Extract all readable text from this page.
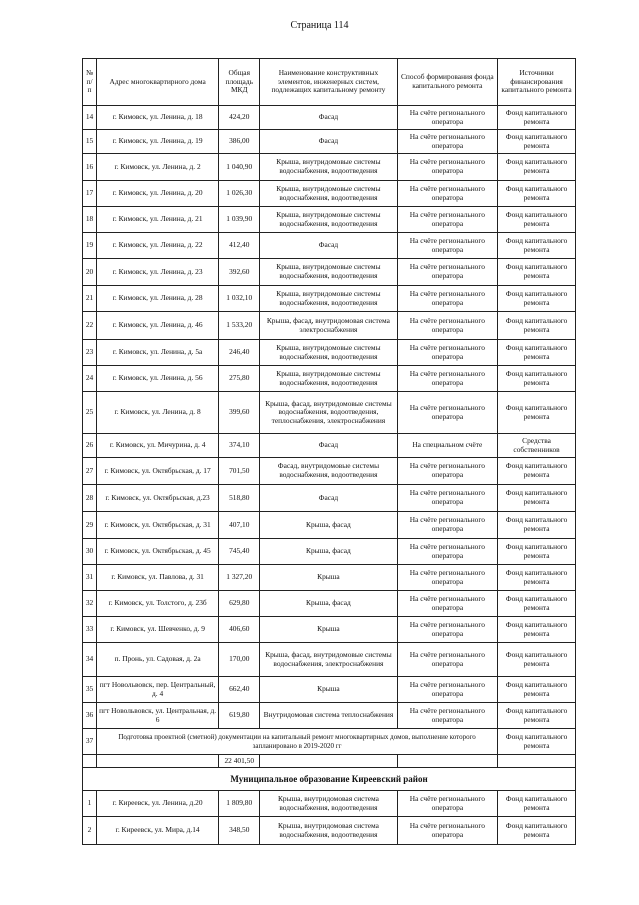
Страница 114
№ п/п	Адрес многоквартирного дома	Общая площадь МКД	Наименование конструктивных элементов, инженерных систем, подлежащих капитальному ремонту	Способ формирования фонда капитального ремонта	Источники финансирования капитального ремонта
14	г. Кимовск, ул. Ленина, д. 18	424,20	Фасад	На счёте регионального оператора	Фонд капитального ремонта
15	г. Кимовск, ул. Ленина, д. 19	386,00	Фасад	На счёте регионального оператора	Фонд капитального ремонта
16	г. Кимовск, ул. Ленина, д. 2	1 040,90	Крыша, внутридомовые системы водоснабжения, водоотведения	На счёте регионального оператора	Фонд капитального ремонта
17	г. Кимовск, ул. Ленина, д. 20	1 026,30	Крыша, внутридомовые системы водоснабжения, водоотведения	На счёте регионального оператора	Фонд капитального ремонта
18	г. Кимовск, ул. Ленина, д. 21	1 039,90	Крыша, внутридомовые системы водоснабжения, водоотведения	На счёте регионального оператора	Фонд капитального ремонта
19	г. Кимовск, ул. Ленина, д. 22	412,40	Фасад	На счёте регионального оператора	Фонд капитального ремонта
20	г. Кимовск, ул. Ленина, д. 23	392,60	Крыша, внутридомовые системы водоснабжения, водоотведения	На счёте регионального оператора	Фонд капитального ремонта
21	г. Кимовск, ул. Ленина, д. 28	1 032,10	Крыша, внутридомовые системы водоснабжения, водоотведения	На счёте регионального оператора	Фонд капитального ремонта
22	г. Кимовск, ул. Ленина, д. 46	1 533,20	Крыша, фасад, внутридомовая система электроснабжения	На счёте регионального оператора	Фонд капитального ремонта
23	г. Кимовск, ул. Ленина, д. 5а	246,40	Крыша, внутридомовые системы водоснабжения, водоотведения	На счёте регионального оператора	Фонд капитального ремонта
24	г. Кимовск, ул. Ленина, д. 56	275,80	Крыша, внутридомовые системы водоснабжения, водоотведения	На счёте регионального оператора	Фонд капитального ремонта
25	г. Кимовск, ул. Ленина, д. 8	399,60	Крыша, фасад, внутридомовые системы водоснабжения, водоотведения, теплоснабжения, электроснабжения	На счёте регионального оператора	Фонд капитального ремонта
26	г. Кимовск, ул. Мичурина, д. 4	374,10	Фасад	На специальном счёте	Средства собственников
27	г. Кимовск, ул. Октябрьская, д. 17	701,50	Фасад, внутридомовые системы водоснабжения, водоотведения	На счёте регионального оператора	Фонд капитального ремонта
28	г. Кимовск, ул. Октябрьская, д.23	518,80	Фасад	На счёте регионального оператора	Фонд капитального ремонта
29	г. Кимовск, ул. Октябрьская, д. 31	407,10	Крыша, фасад	На счёте регионального оператора	Фонд капитального ремонта
30	г. Кимовск, ул. Октябрьская, д. 45	745,40	Крыша, фасад	На счёте регионального оператора	Фонд капитального ремонта
31	г. Кимовск, ул. Павлова, д. 31	1 327,20	Крыша	На счёте регионального оператора	Фонд капитального ремонта
32	г. Кимовск, ул. Толстого, д. 23б	629,80	Крыша, фасад	На счёте регионального оператора	Фонд капитального ремонта
33	г. Кимовск, ул. Шевченко, д. 9	406,60	Крыша	На счёте регионального оператора	Фонд капитального ремонта
34	п. Пронь, ул. Садовая, д. 2а	170,00	Крыша, фасад, внутридомовые системы водоснабжения, электроснабжения	На счёте регионального оператора	Фонд капитального ремонта
35	пгт Новольвовск, пер. Центральный, д. 4	662,40	Крыша	На счёте регионального оператора	Фонд капитального ремонта
36	пгт Новольвовск, ул. Центральная, д. 6	619,80	Внутридомовая система теплоснабжения	На счёте регионального оператора	Фонд капитального ремонта
37	Подготовка проектной (сметной) документации на капитальный ремонт многоквартирных домов, выполнение которого запланировано в 2019-2020 гг				Фонд капитального ремонта
		22 401,50			
Муниципальное образование Киреевский район					
1	г. Киреевск, ул. Ленина, д.20	1 809,80	Крыша, внутридомовая система водоснабжения, водоотведения	На счёте регионального оператора	Фонд капитального ремонта
2	г. Киреевск, ул. Мира, д.14	348,50	Крыша, внутридомовая система водоснабжения, водоотведения	На счёте регионального оператора	Фонд капитального ремонта
